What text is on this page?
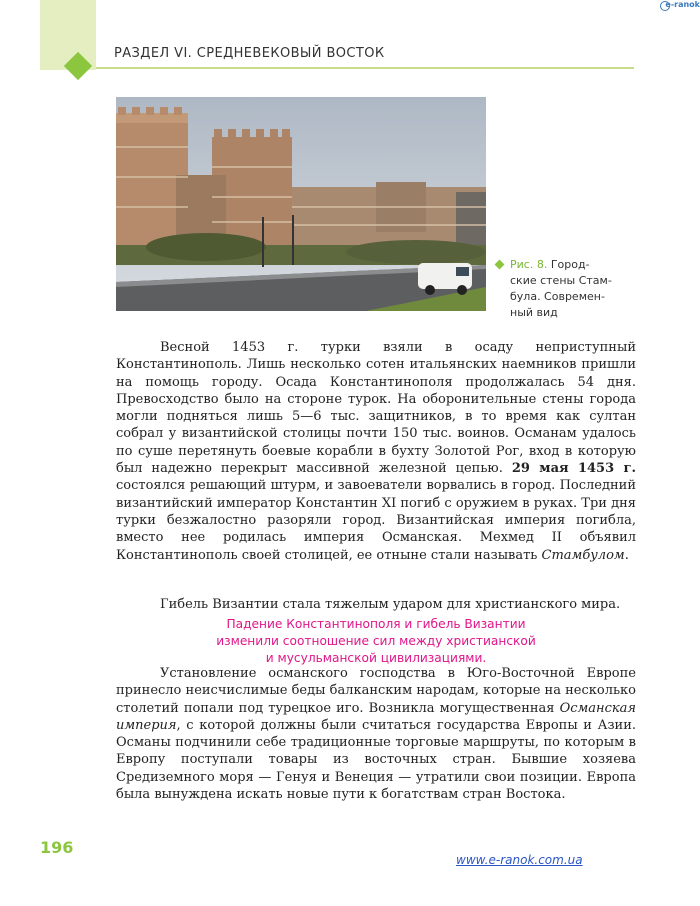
РАЗДЕЛ VI. СРЕДНЕВЕКОВЫЙ ВОСТОК
e-ranok
Рис. 8. Город-
ские стены Стам-
була. Современ-
ный вид
Весной 1453 г. турки взяли в осаду неприступный Константинополь. Лишь несколько сотен итальянских наемников пришли на помощь городу. Осада Константинополя продолжалась 54 дня. Превосходство было на стороне турок. На оборонительные стены города могли подняться лишь 5—6 тыс. защитников, в то время как султан собрал у византийской столицы почти 150 тыс. воинов. Османам удалось по суше перетянуть боевые корабли в бухту Золотой Рог, вход в которую был надежно перекрыт массивной железной цепью. 29 мая 1453 г. состоялся решающий штурм, и завоеватели ворвались в город. Последний византийский император Константин XI погиб с оружием в руках. Три дня турки безжалостно разоряли город. Византийская империя погибла, вместо нее родилась империя Османская. Мехмед II объявил Константинополь своей столицей, ее отныне стали называть Стамбулом.
Гибель Византии стала тяжелым ударом для христианского мира.
Падение Константинополя и гибель Византии
изменили соотношение сил между христианской
и мусульманской цивилизациями.
Установление османского господства в Юго-Восточной Европе принесло неисчислимые беды балканским народам, которые на несколько столетий попали под турецкое иго. Возникла могущественная Османская империя, с которой должны были считаться государства Европы и Азии. Османы подчинили себе традиционные торговые маршруты, по которым в Европу поступали товары из восточных стран. Бывшие хозяева Средиземного моря — Генуя и Венеция — утратили свои позиции. Европа была вынуждена искать новые пути к богатствам стран Востока.
196
www.e-ranok.com.ua
